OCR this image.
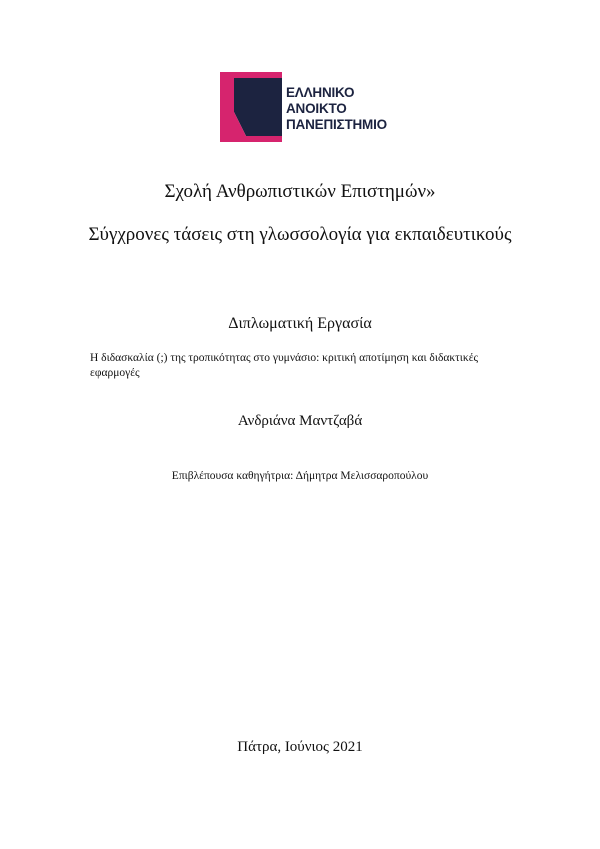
ΕΛΛΗΝΙΚΟ
ΑΝΟΙΚΤΟ
ΠΑΝΕΠΙΣΤΗΜΙΟ
Σχολή Ανθρωπιστικών Επιστημών»
Σύγχρονες τάσεις στη γλωσσολογία για εκπαιδευτικούς
Διπλωματική Εργασία
Η διδασκαλία (;) της τροπικότητας στο γυμνάσιο: κριτική αποτίμηση και διδακτικές εφαρμογές
Ανδριάνα Μαντζαβά
Επιβλέπουσα καθηγήτρια: Δήμητρα Μελισσαροπούλου
Πάτρα, Ιούνιος 2021
